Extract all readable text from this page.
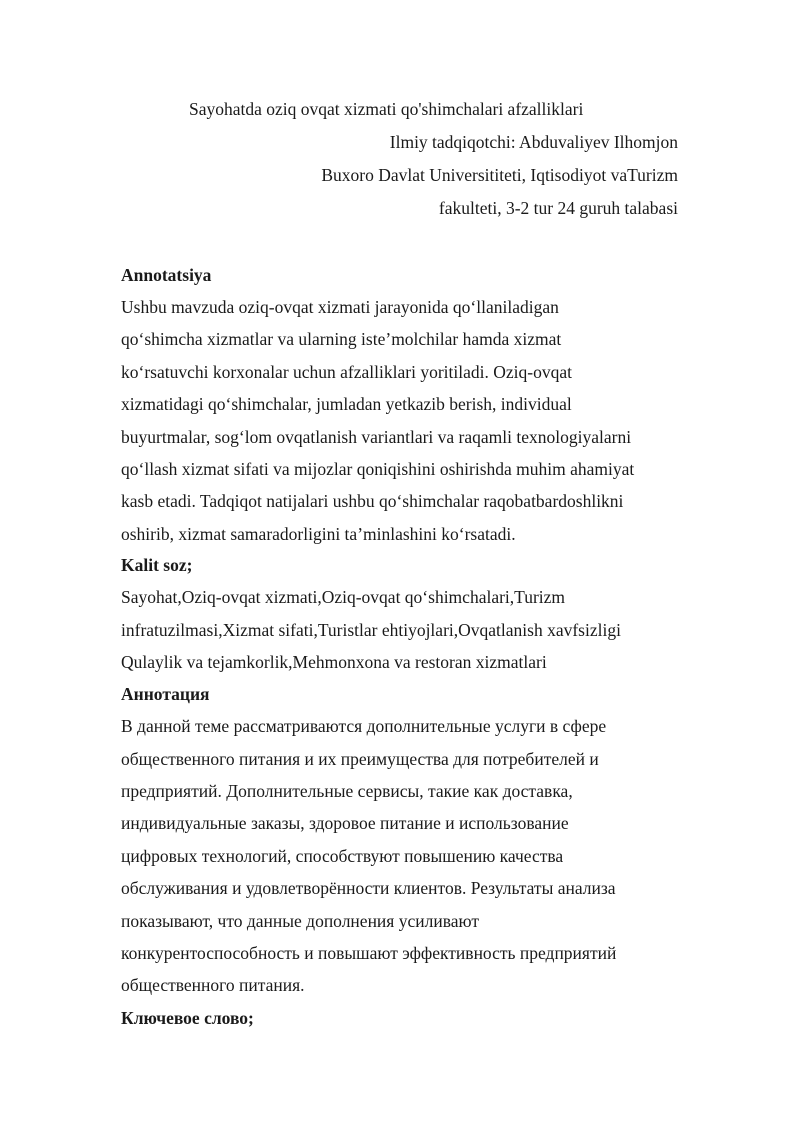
Sayohatda oziq ovqat xizmati qo'shimchalari afzalliklari
Ilmiy tadqiqotchi: Abduvaliyev Ilhomjon
Buxoro Davlat Universititeti, Iqtisodiyot vaTurizm
fakulteti, 3-2 tur 24 guruh talabasi
Annotatsiya
Ushbu mavzuda oziq-ovqat xizmati jarayonida qo‘llaniladigan
qo‘shimcha xizmatlar va ularning iste’molchilar hamda xizmat
ko‘rsatuvchi korxonalar uchun afzalliklari yoritiladi. Oziq-ovqat
xizmatidagi qo‘shimchalar, jumladan yetkazib berish, individual
buyurtmalar, sog‘lom ovqatlanish variantlari va raqamli texnologiyalarni
qo‘llash xizmat sifati va mijozlar qoniqishini oshirishda muhim ahamiyat
kasb etadi. Tadqiqot natijalari ushbu qo‘shimchalar raqobatbardoshlikni
oshirib, xizmat samaradorligini ta’minlashini ko‘rsatadi.
Kalit soz;
Sayohat,Oziq-ovqat xizmati,Oziq-ovqat qo‘shimchalari,Turizm
infratuzilmasi,Xizmat sifati,Turistlar ehtiyojlari,Ovqatlanish xavfsizligi
Qulaylik va tejamkorlik,Mehmonxona va restoran xizmatlari
Аннотация
В данной теме рассматриваются дополнительные услуги в сфере
общественного питания и их преимущества для потребителей и
предприятий. Дополнительные сервисы, такие как доставка,
индивидуальные заказы, здоровое питание и использование
цифровых технологий, способствуют повышению качества
обслуживания и удовлетворённости клиентов. Результаты анализа
показывают, что данные дополнения усиливают
конкурентоспособность и повышают эффективность предприятий
общественного питания.
Ключевое слово;
